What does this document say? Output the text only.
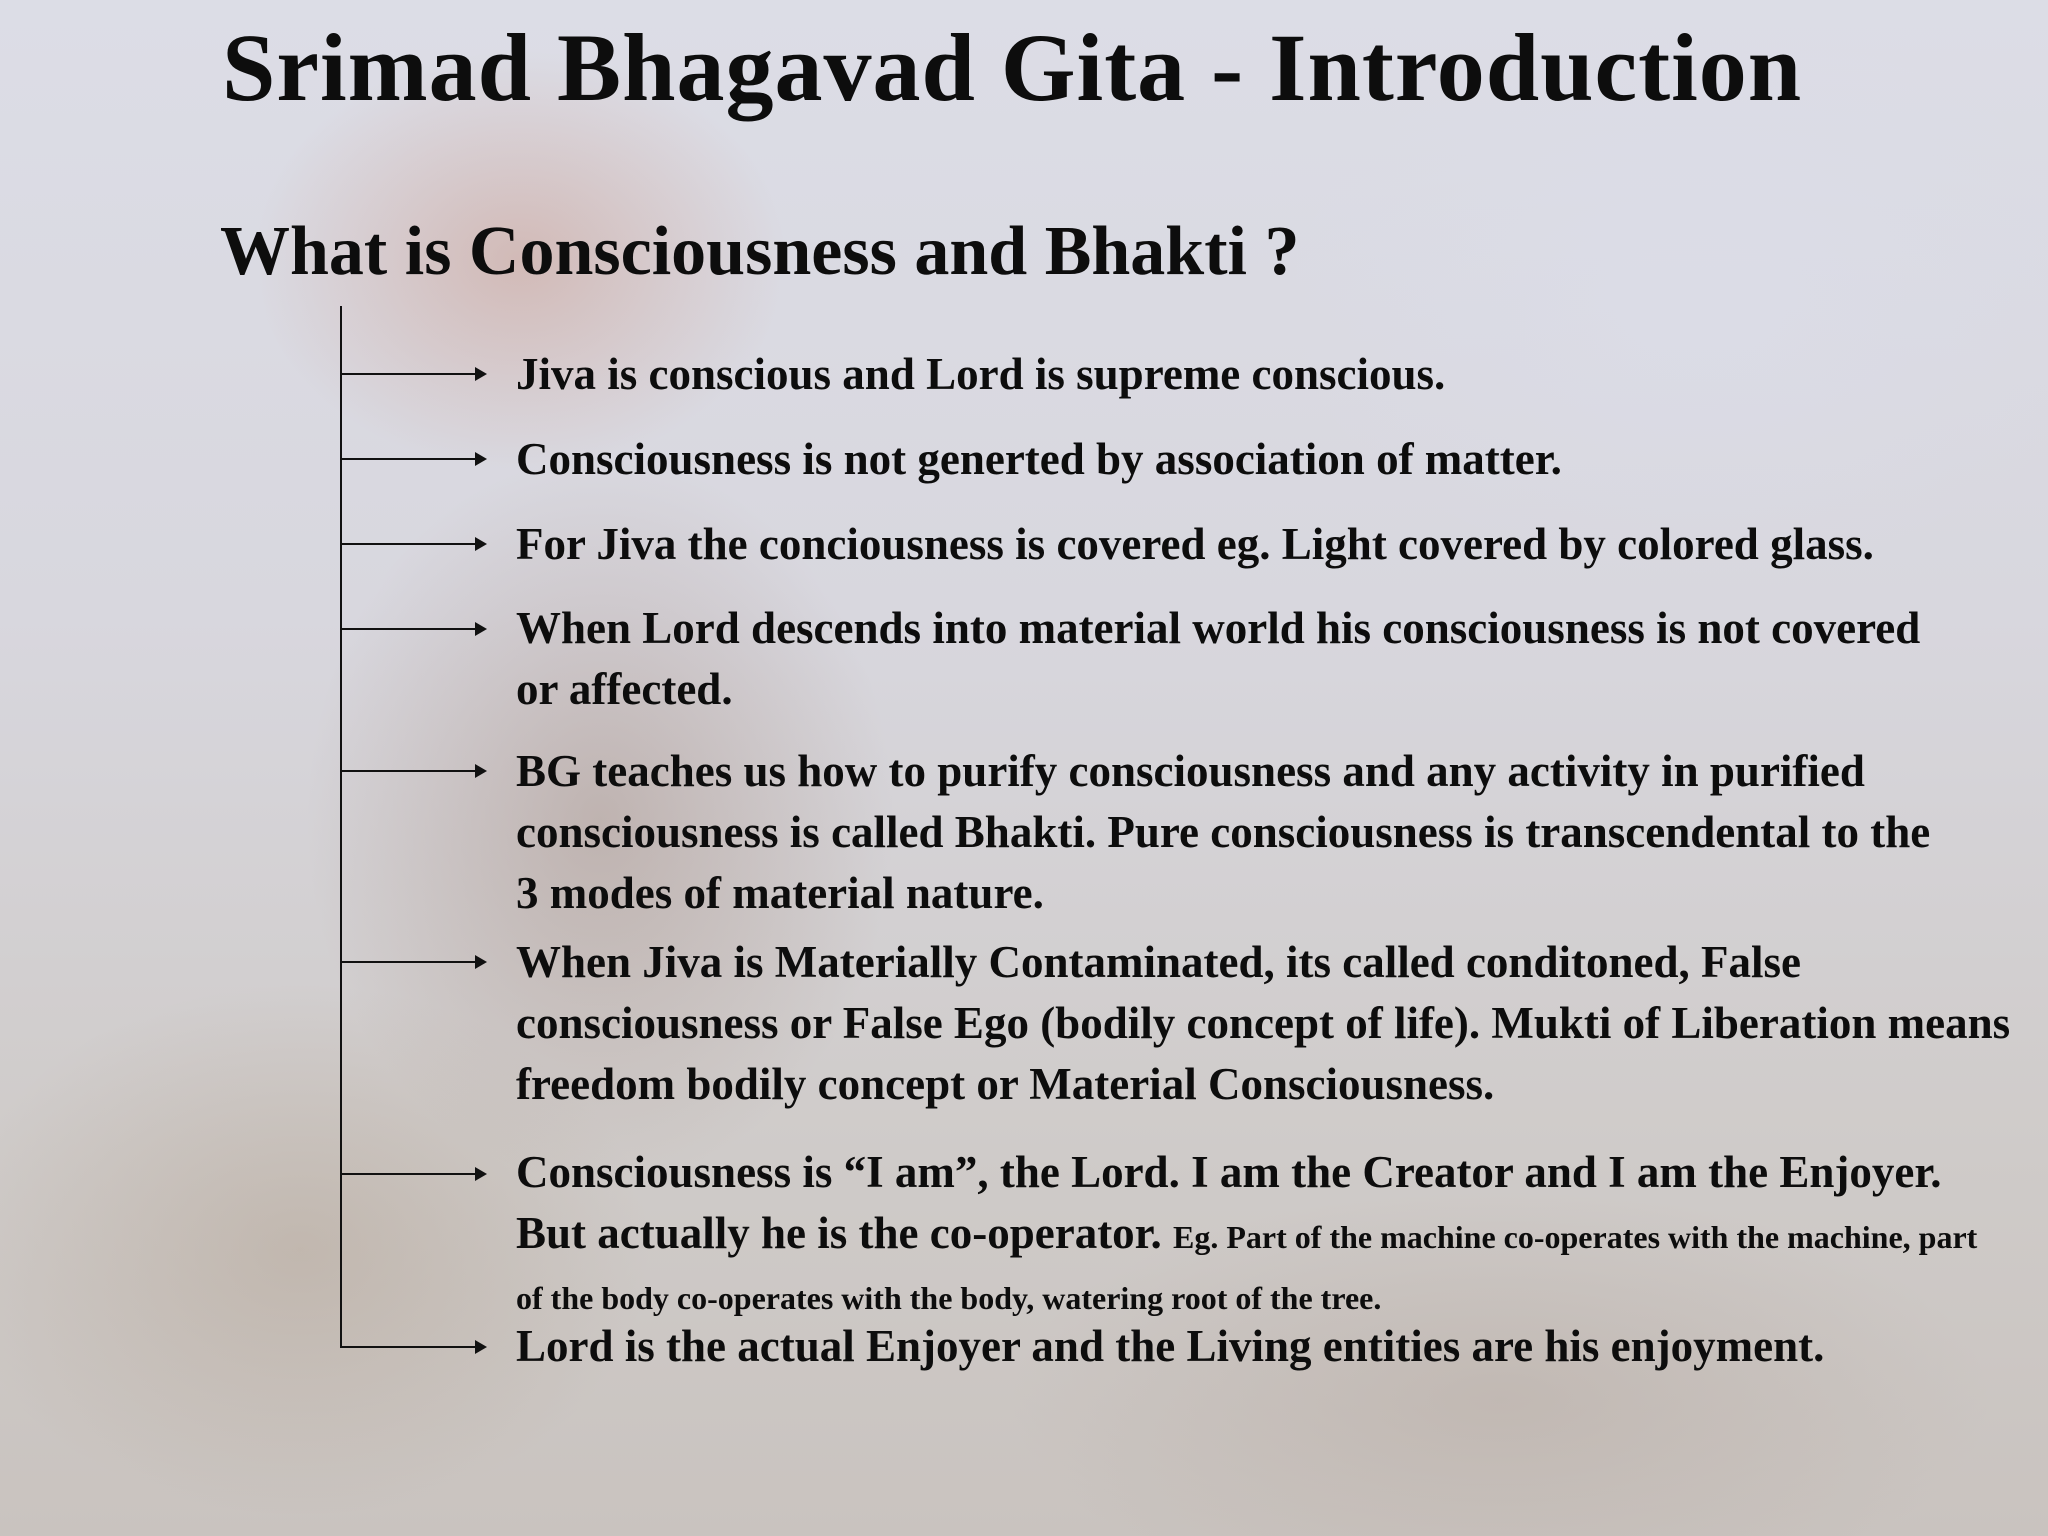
Srimad Bhagavad Gita - Introduction
What is Consciousness and Bhakti ?

Jiva is conscious and Lord is supreme conscious.

Consciousness is not generted by association of matter.

For Jiva the conciousness is covered eg. Light covered by colored glass.

When Lord descends into material world his consciousness is not covered or affected.

BG teaches us how to purify consciousness and any activity in purified consciousness is called Bhakti. Pure consciousness is transcendental to the 3 modes of material nature.

When Jiva is Materially Contaminated, its called conditoned, False consciousness or False Ego (bodily concept of life). Mukti of Liberation means freedom bodily concept or Material Consciousness.

Consciousness is “I am”, the Lord. I am the Creator and I am the Enjoyer. But actually he is the co-operator. Eg. Part of the machine co-operates with the machine, part of the body co-operates with the body, watering root of the tree.

Lord is the actual Enjoyer and the Living entities are his enjoyment.
